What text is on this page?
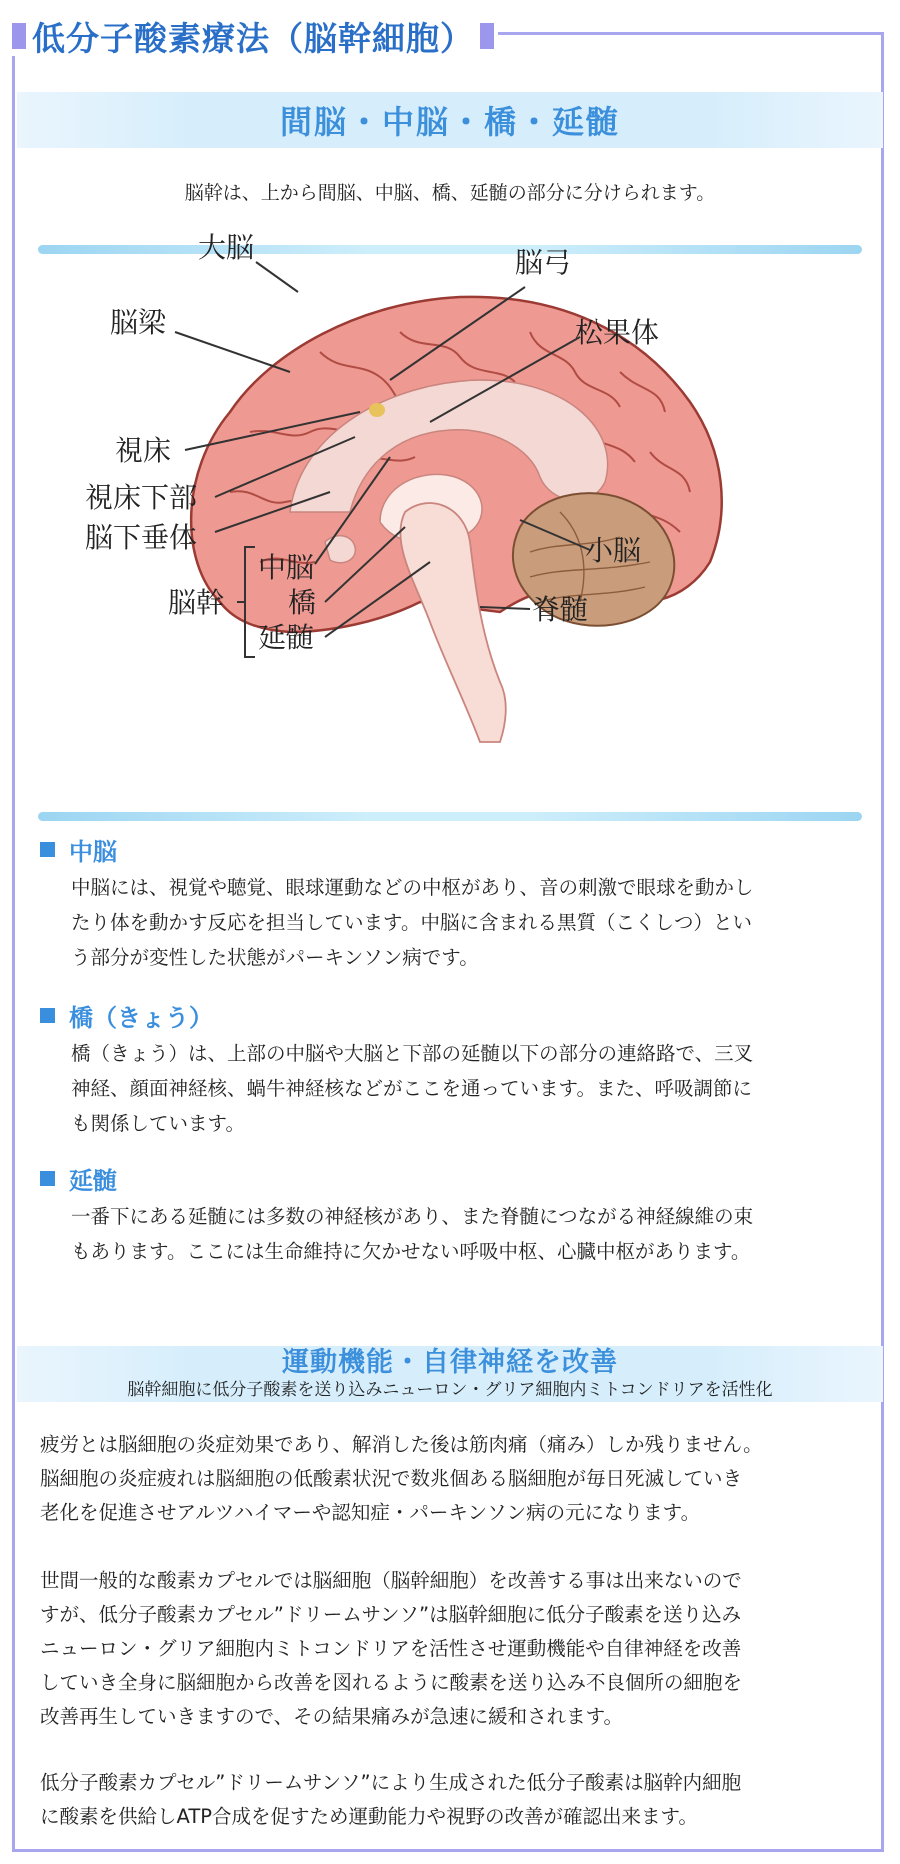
低分子酸素療法（脳幹細胞）
間脳・中脳・橋・延髄
脳幹は、上から間脳、中脳、橋、延髄の部分に分けられます。
大脳	脳弓
脳梁	松果体
視床
視床下部
脳下垂体	小脳
脳幹
中脳
橋
延髄
脊髄
中脳
中脳には、視覚や聴覚、眼球運動などの中枢があり、音の刺激で眼球を動かし
たり体を動かす反応を担当しています。中脳に含まれる黒質（こくしつ）とい
う部分が変性した状態がパーキンソン病です。
橋（きょう）
橋（きょう）は、上部の中脳や大脳と下部の延髄以下の部分の連絡路で、三叉
神経、顔面神経核、蝸牛神経核などがここを通っています。また、呼吸調節に
も関係しています。
延髄
一番下にある延髄には多数の神経核があり、また脊髄につながる神経線維の束
もあります。ここには生命維持に欠かせない呼吸中枢、心臓中枢があります。
運動機能・自律神経を改善
脳幹細胞に低分子酸素を送り込みニューロン・グリア細胞内ミトコンドリアを活性化

疲労とは脳細胞の炎症効果であり、解消した後は筋肉痛（痛み）しか残りません。

脳細胞の炎症疲れは脳細胞の低酸素状況で数兆個ある脳細胞が毎日死滅していき

老化を促進させアルツハイマーや認知症・パーキンソン病の元になります。

世間一般的な酸素カプセルでは脳細胞（脳幹細胞）を改善する事は出来ないので

すが、低分子酸素カプセル”ドリームサンソ”は脳幹細胞に低分子酸素を送り込み

ニューロン・グリア細胞内ミトコンドリアを活性させ運動機能や自律神経を改善

していき全身に脳細胞から改善を図れるように酸素を送り込み不良個所の細胞を

改善再生していきますので、その結果痛みが急速に緩和されます。

低分子酸素カプセル”ドリームサンソ”により生成された低分子酸素は脳幹内細胞

に酸素を供給しATP合成を促すため運動能力や視野の改善が確認出来ます。
